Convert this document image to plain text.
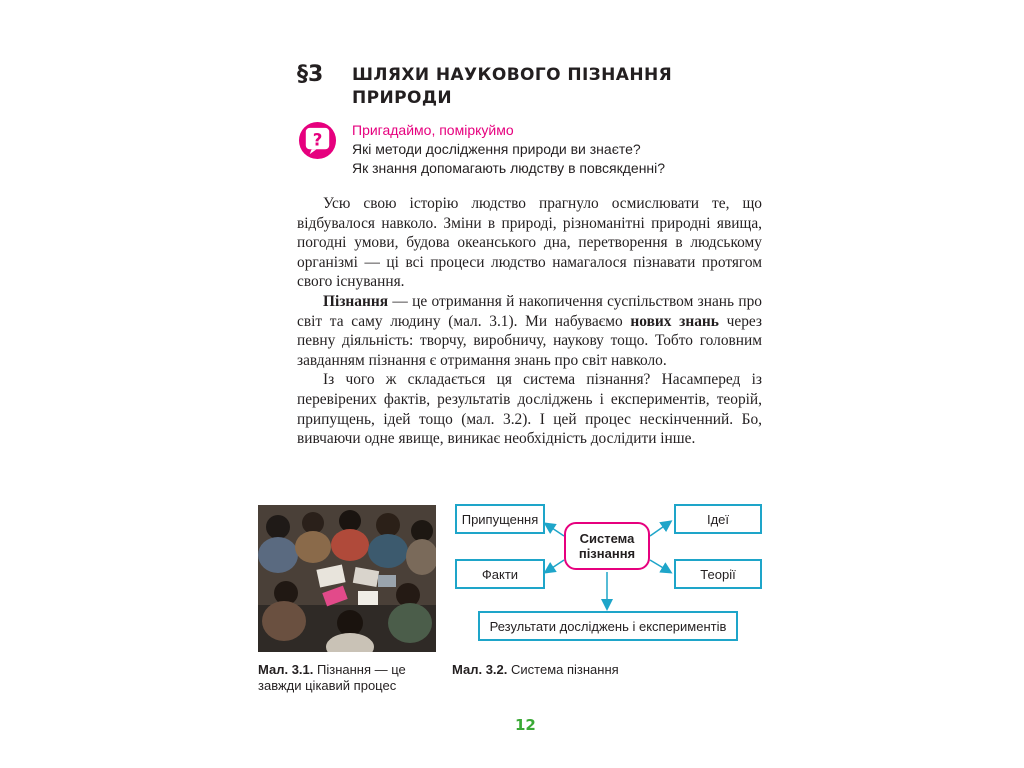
§3 ШЛЯХИ НАУКОВОГО ПІЗНАННЯ
ПРИРОДИ
?
Пригадаймо, поміркуймо
Які методи дослідження природи ви знаєте?
Як знання допомагають людству в повсякденні?

Усю свою історію людство прагнуло осмислювати те, що відбувалося навколо. Зміни в природі, різноманітні природні явища, погодні умови, будова океанського дна, перетворення в людському організмі — ці всі процеси людство намагалося пізнавати протягом свого існування.

Пізнання — це отримання й накопичення суспільством знань про світ та саму людину (мал. 3.1). Ми набуваємо нових знань через певну діяльність: творчу, виробничу, наукову тощо. Тобто головним завданням пізнання є отримання знань про світ навколо.

Із чого ж складається ця система пізнання? Насамперед із перевірених фактів, результатів досліджень і експериментів, теорій, припущень, ідей тощо (мал. 3.2). І цей процес нескінченний. Бо, вивчаючи одне явище, виникає необхідність дослідити інше.

Припущення	Ідеї
Система пізнання
Факти	Теорії
Результати досліджень і експериментів
Мал. 3.1. Пізнання — це завжди цікавий процес
Мал. 3.2. Система пізнання
12
